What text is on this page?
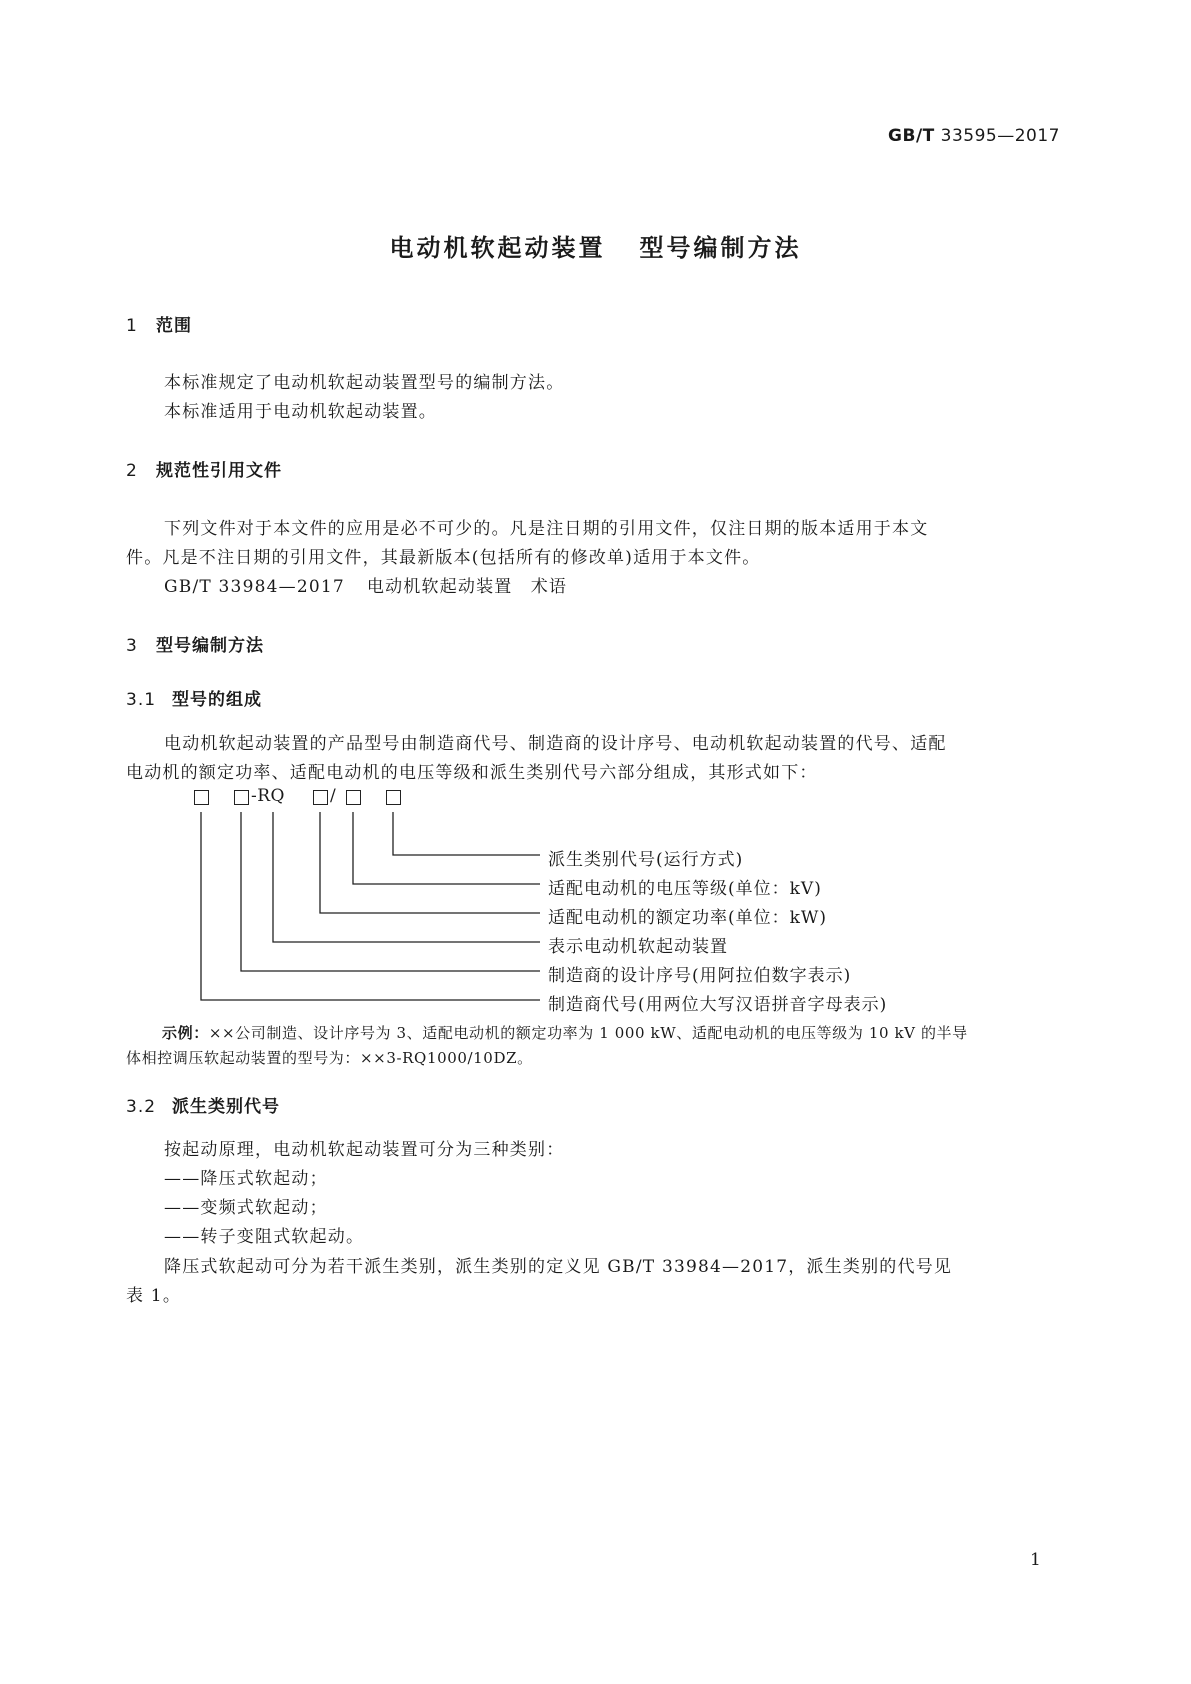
GB/T 33595—2017
电动机软起动装置 型号编制方法
1 范围

本标准规定了电动机软起动装置型号的编制方法。

本标准适用于电动机软起动装置。

2 规范性引用文件

下列文件对于本文件的应用是必不可少的。凡是注日期的引用文件，仅注日期的版本适用于本文

件。凡是不注日期的引用文件，其最新版本(包括所有的修改单)适用于本文件。

GB/T 33984—2017 电动机软起动装置　术语
3 型号编制方法
3.1 型号的组成

电动机软起动装置的产品型号由制造商代号、制造商的设计序号、电动机软起动装置的代号、适配

电动机的额定功率、适配电动机的电压等级和派生类别代号六部分组成，其形式如下：

-RQ	/
派生类别代号(运行方式)
适配电动机的电压等级(单位：kV)
适配电动机的额定功率(单位：kW)
表示电动机软起动装置
制造商的设计序号(用阿拉伯数字表示)
制造商代号(用两位大写汉语拼音字母表示)
示例：××公司制造、设计序号为 3、适配电动机的额定功率为 1 000 kW、适配电动机的电压等级为 10 kV 的半导

体相控调压软起动装置的型号为：××3-RQ1000/10DZ。

3.2 派生类别代号

按起动原理，电动机软起动装置可分为三种类别：

——降压式软起动；

——变频式软起动；

——转子变阻式软起动。

降压式软起动可分为若干派生类别，派生类别的定义见 GB/T 33984—2017，派生类别的代号见

表 1。

1
